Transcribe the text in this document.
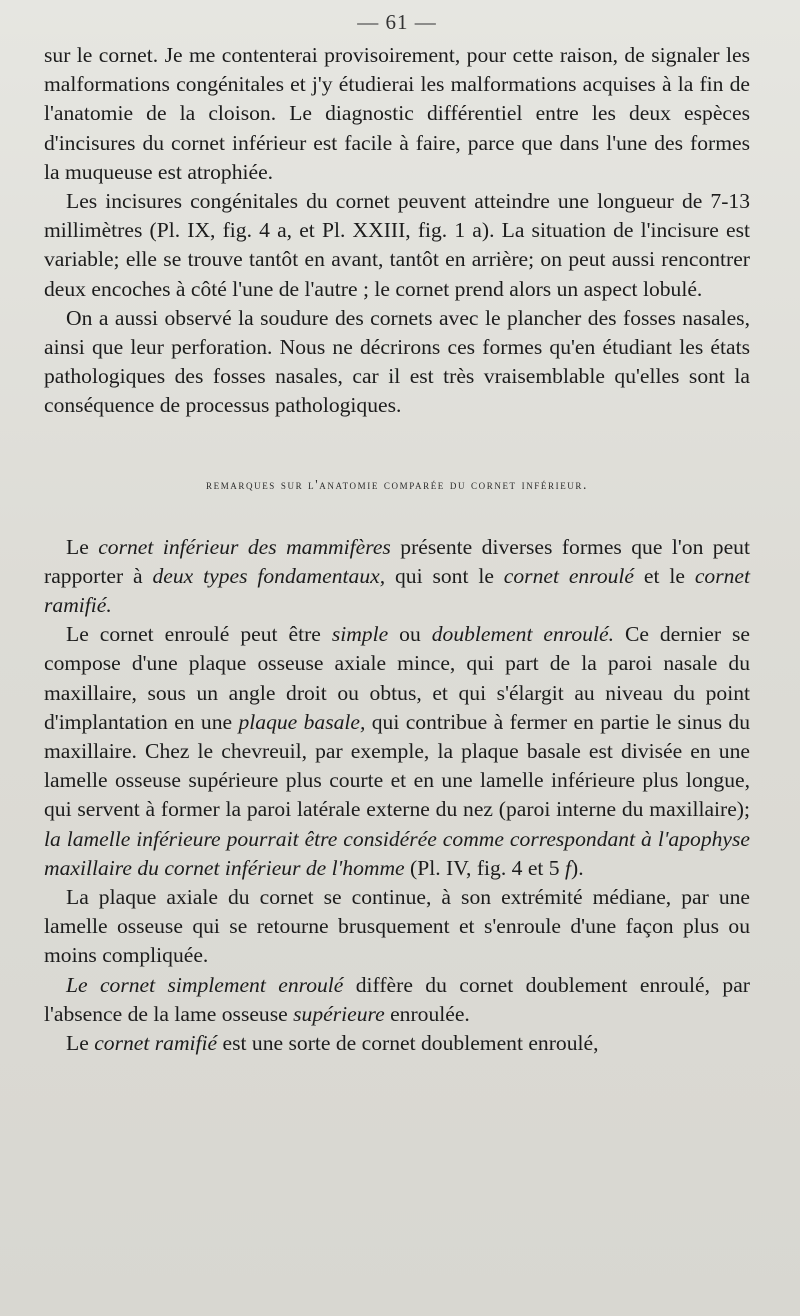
— 61 —

sur le cornet. Je me contenterai provisoirement, pour cette raison, de signaler les malformations congénitales et j'y étudierai les malformations acquises à la fin de l'anatomie de la cloison. Le diagnostic différentiel entre les deux espèces d'incisures du cornet inférieur est facile à faire, parce que dans l'une des formes la muqueuse est atrophiée.

Les incisures congénitales du cornet peuvent atteindre une longueur de 7-13 millimètres (Pl. IX, fig. 4 a, et Pl. XXIII, fig. 1 a). La situation de l'incisure est variable; elle se trouve tantôt en avant, tantôt en arrière; on peut aussi rencontrer deux encoches à côté l'une de l'autre ; le cornet prend alors un aspect lobulé.

On a aussi observé la soudure des cornets avec le plancher des fosses nasales, ainsi que leur perforation. Nous ne décrirons ces formes qu'en étudiant les états pathologiques des fosses nasales, car il est très vraisemblable qu'elles sont la conséquence de processus pathologiques.

remarques sur l'anatomie comparée du cornet inférieur.

Le cornet inférieur des mammifères présente diverses formes que l'on peut rapporter à deux types fondamentaux, qui sont le cornet enroulé et le cornet ramifié.

Le cornet enroulé peut être simple ou doublement enroulé. Ce dernier se compose d'une plaque osseuse axiale mince, qui part de la paroi nasale du maxillaire, sous un angle droit ou obtus, et qui s'élargit au niveau du point d'implantation en une plaque basale, qui contribue à fermer en partie le sinus du maxillaire. Chez le chevreuil, par exemple, la plaque basale est divisée en une lamelle osseuse supérieure plus courte et en une lamelle inférieure plus longue, qui servent à former la paroi latérale externe du nez (paroi interne du maxillaire); la lamelle inférieure pourrait être considérée comme correspondant à l'apophyse maxillaire du cornet inférieur de l'homme (Pl. IV, fig. 4 et 5 f).

La plaque axiale du cornet se continue, à son extrémité médiane, par une lamelle osseuse qui se retourne brusquement et s'enroule d'une façon plus ou moins compliquée.

Le cornet simplement enroulé diffère du cornet doublement enroulé, par l'absence de la lame osseuse supérieure enroulée.

Le cornet ramifié est une sorte de cornet doublement enroulé,
